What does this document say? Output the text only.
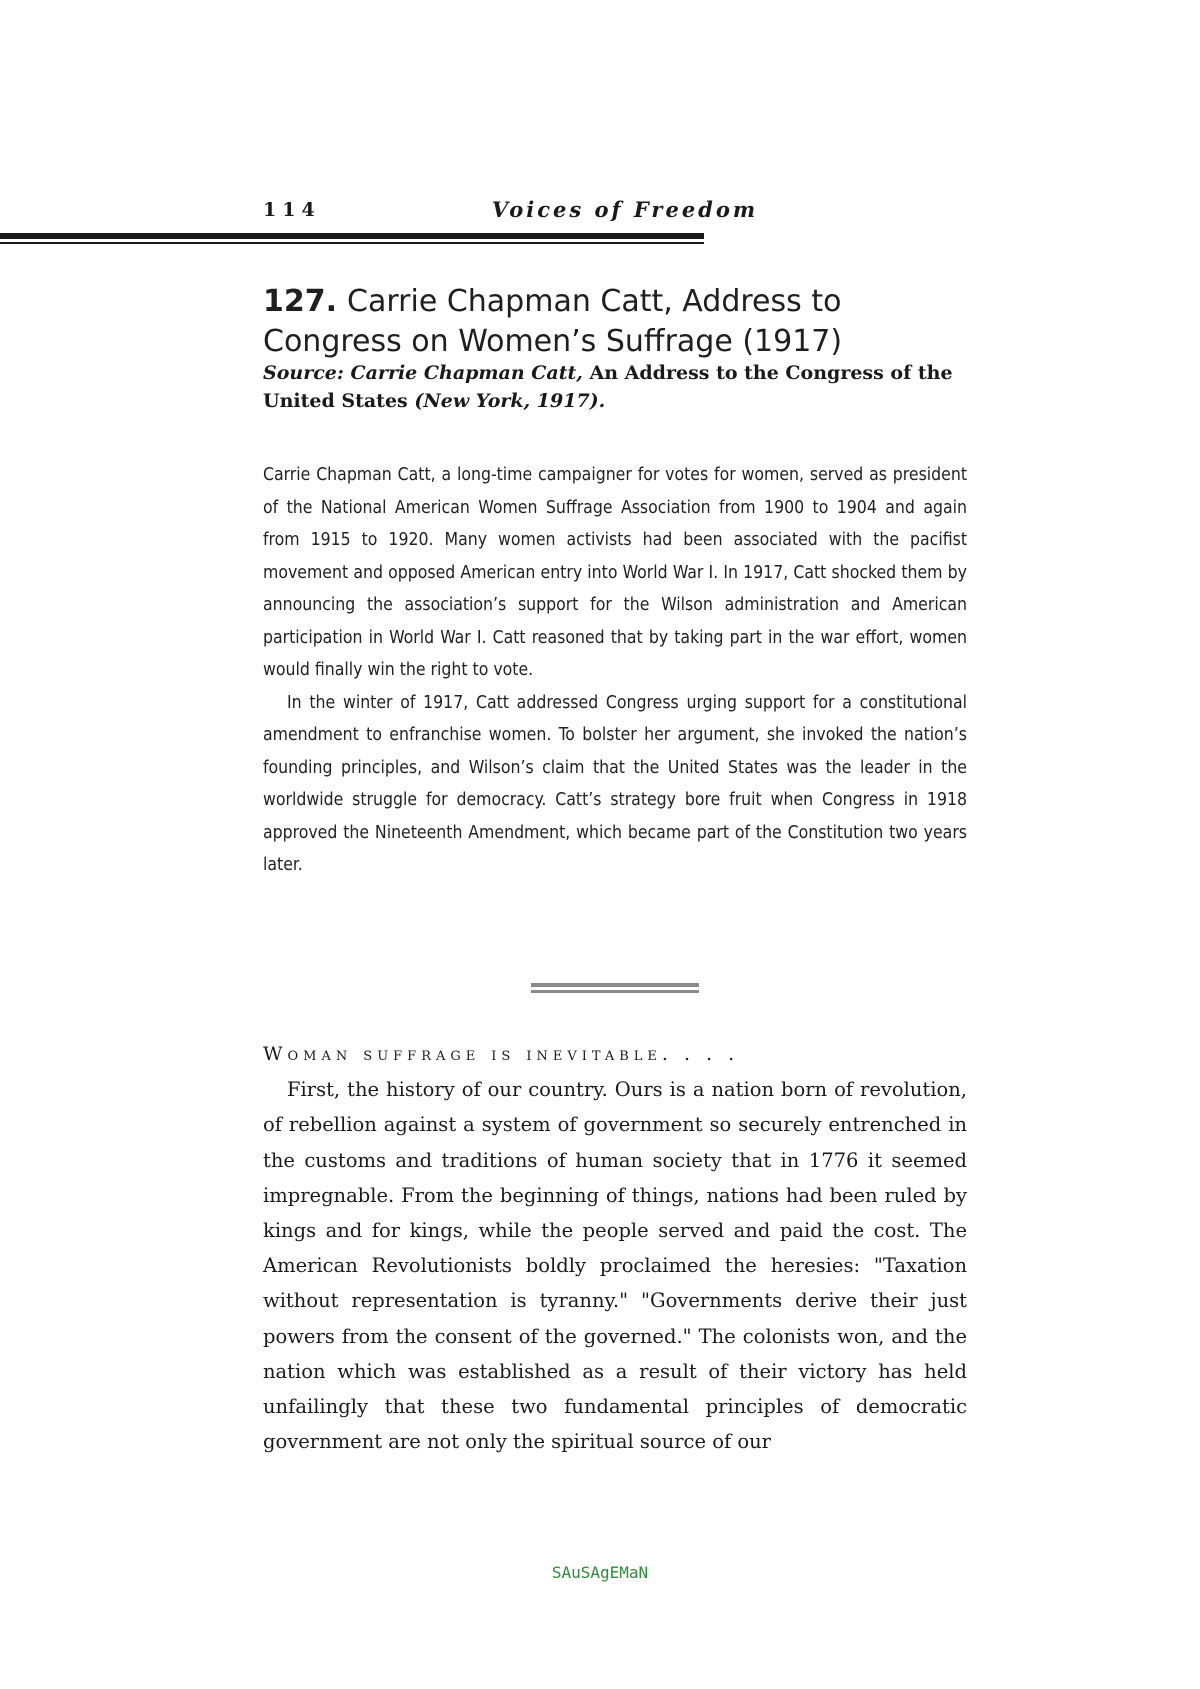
114	Voices of Freedom
127. Carrie Chapman Catt, Address to Congress on Women’s Suffrage (1917)
Source: Carrie Chapman Catt, An Address to the Congress of the United States (New York, 1917).

Carrie Chapman Catt, a long-time campaigner for votes for women, served as president of the National American Women Suffrage Association from 1900 to 1904 and again from 1915 to 1920. Many women activists had been associated with the pacifist movement and opposed American entry into World War I. In 1917, Catt shocked them by announcing the association’s support for the Wilson administration and American participation in World War I. Catt reasoned that by taking part in the war effort, women would finally win the right to vote.

In the winter of 1917, Catt addressed Congress urging support for a constitutional amendment to enfranchise women. To bolster her argument, she invoked the nation’s founding principles, and Wilson’s claim that the United States was the leader in the worldwide struggle for democracy. Catt’s strategy bore fruit when Congress in 1918 approved the Nineteenth Amendment, which became part of the Constitution two years later.

Woman suffrage is inevitable. . . .

First, the history of our country. Ours is a nation born of revolution, of rebellion against a system of government so securely entrenched in the customs and traditions of human society that in 1776 it seemed impregnable. From the beginning of things, nations had been ruled by kings and for kings, while the people served and paid the cost. The American Revolutionists boldly proclaimed the heresies: "Taxation without representation is tyranny." "Governments derive their just powers from the consent of the governed." The colonists won, and the nation which was established as a result of their victory has held unfailingly that these two fundamental principles of democratic government are not only the spiritual source of our

SAuSAgEMaN
